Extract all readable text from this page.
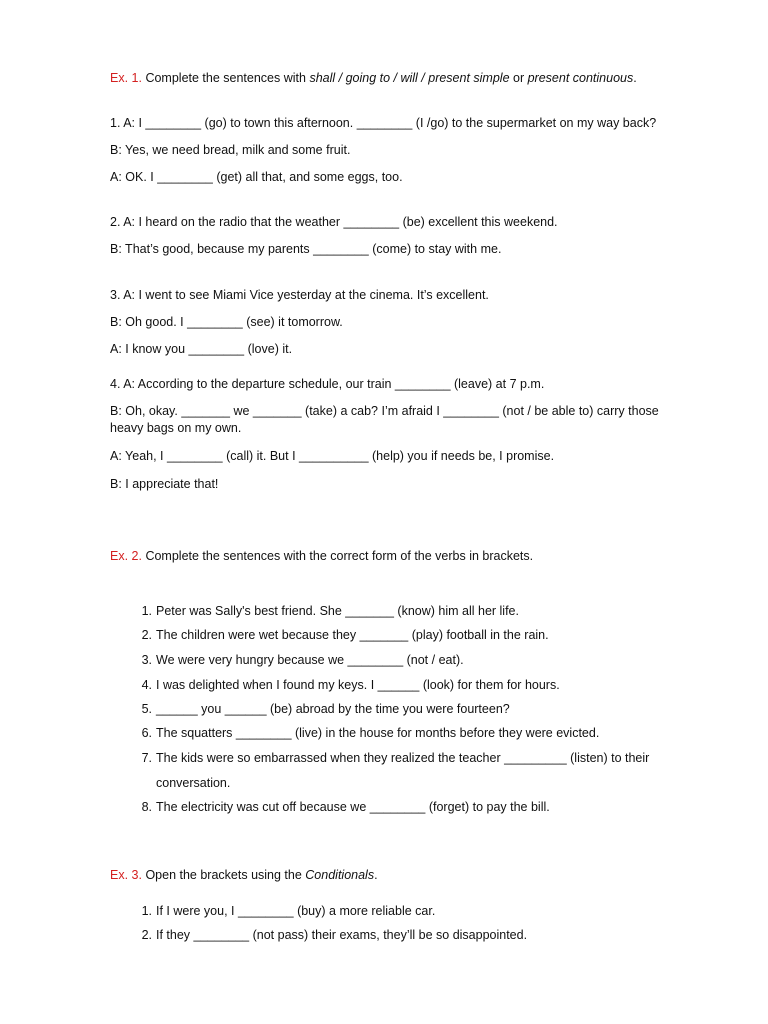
Ex. 1. Complete the sentences with shall / going to / will / present simple or present continuous.
1. A: I ________ (go) to town this afternoon. ________ (I /go) to the supermarket on my way back?
B: Yes, we need bread, milk and some fruit.
A: OK. I ________ (get) all that, and some eggs, too.
2. A: I heard on the radio that the weather ________ (be) excellent this weekend.
B: That’s good, because my parents ________ (come) to stay with me.
3. A: I went to see Miami Vice yesterday at the cinema. It’s excellent.
B: Oh good. I ________ (see) it tomorrow.
A: I know you ________ (love) it.
4. A: According to the departure schedule, our train ________ (leave) at 7 p.m.
B: Oh, okay. _______ we _______ (take) a cab? I’m afraid I ________ (not / be able to) carry those heavy bags on my own.
A: Yeah, I ________ (call) it. But I __________ (help) you if needs be, I promise.
B: I appreciate that!
Ex. 2. Complete the sentences with the correct form of the verbs in brackets.
1. Peter was Sally's best friend. She _______ (know) him all her life.
2. The children were wet because they _______ (play) football in the rain.
3. We were very hungry because we ________ (not / eat).
4. I was delighted when I found my keys. I ______ (look) for them for hours.
5. ______ you ______ (be) abroad by the time you were fourteen?
6. The squatters ________ (live) in the house for months before they were evicted.
7. The kids were so embarrassed when they realized the teacher _________ (listen) to their
conversation.
8. The electricity was cut off because we ________ (forget) to pay the bill.
Ex. 3. Open the brackets using the Conditionals.
1. If I were you, I ________ (buy) a more reliable car.
2. If they ________ (not pass) their exams, they’ll be so disappointed.
